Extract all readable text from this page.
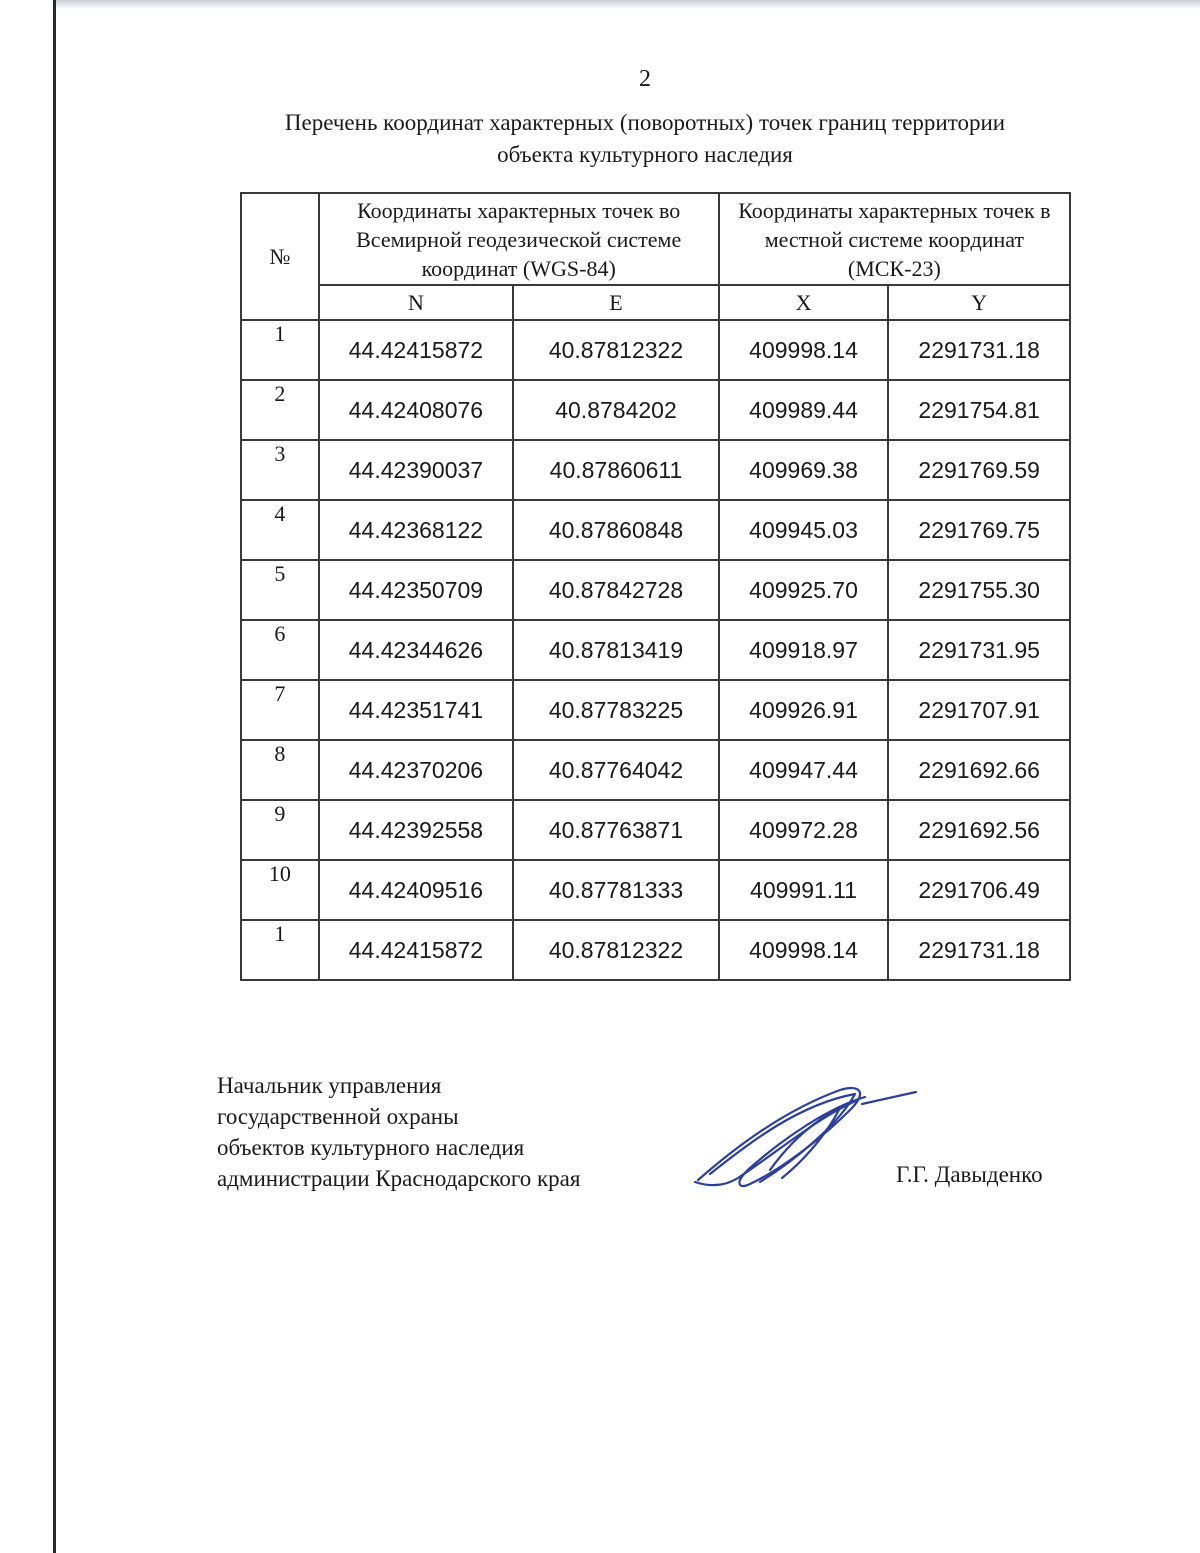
2
Перечень координат характерных (поворотных) точек границ территории
объекта культурного наследия
№	Координаты характерных точек во Всемирной геодезической системе координат (WGS-84)		Координаты характерных точек в местной системе координат (МСК-23)	
	N	E	X	Y
1	44.42415872	40.87812322	409998.14	2291731.18
2	44.42408076	40.8784202	409989.44	2291754.81
3	44.42390037	40.87860611	409969.38	2291769.59
4	44.42368122	40.87860848	409945.03	2291769.75
5	44.42350709	40.87842728	409925.70	2291755.30
6	44.42344626	40.87813419	409918.97	2291731.95
7	44.42351741	40.87783225	409926.91	2291707.91
8	44.42370206	40.87764042	409947.44	2291692.66
9	44.42392558	40.87763871	409972.28	2291692.56
10	44.42409516	40.87781333	409991.11	2291706.49
1	44.42415872	40.87812322	409998.14	2291731.18
Начальник управления
государственной охраны
объектов культурного наследия
администрации Краснодарского края	Г.Г. Давыденко
